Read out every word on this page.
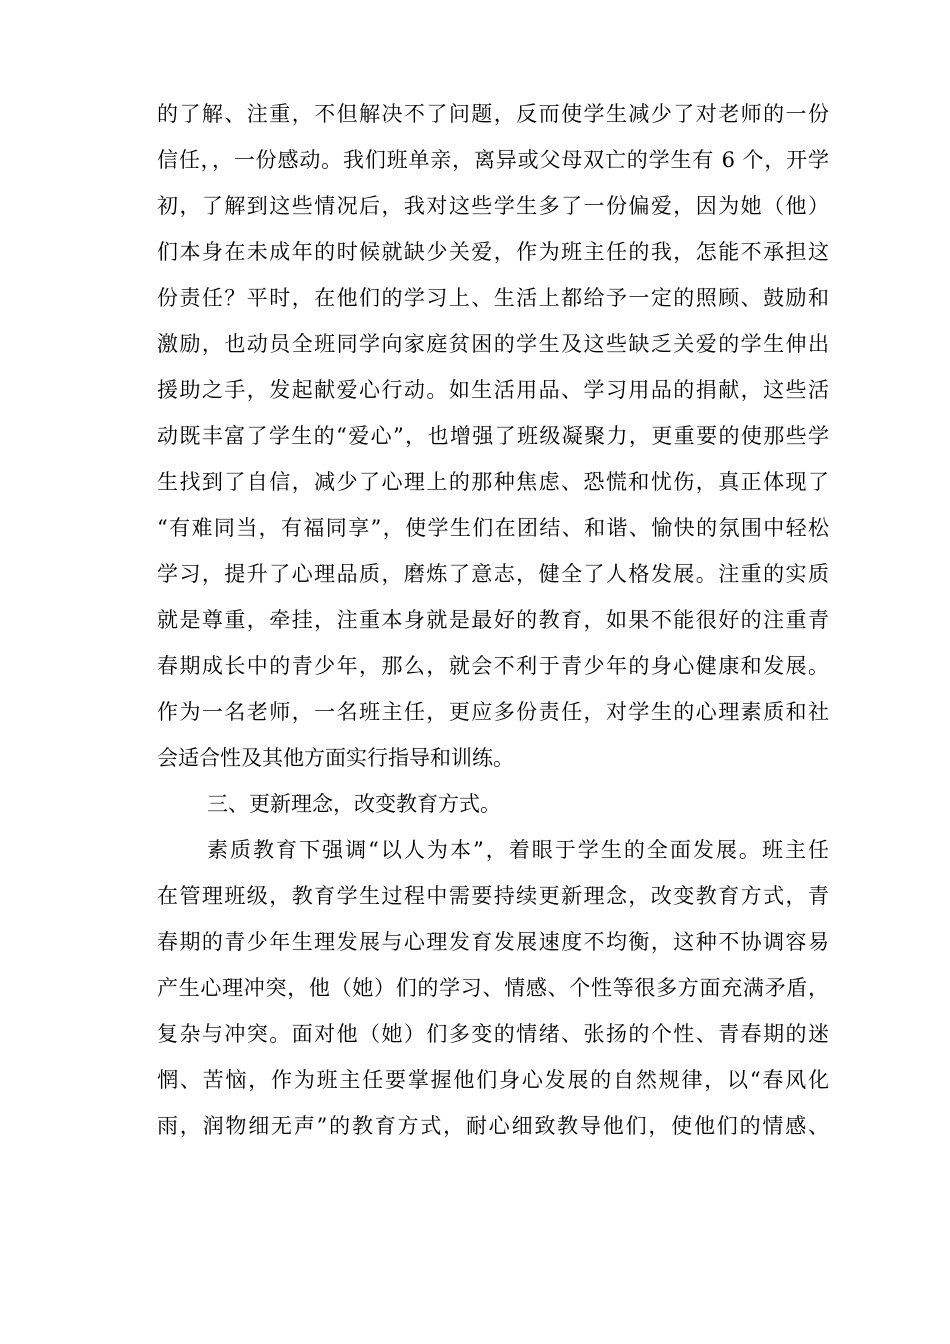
的了解、注重，不但解决不了问题，反而使学生减少了对老师的一份
信任，，一份感动。我们班单亲，离异或父母双亡的学生有 6 个，开学
初，了解到这些情况后，我对这些学生多了一份偏爱，因为她（他）
们本身在未成年的时候就缺少关爱，作为班主任的我，怎能不承担这
份责任？平时，在他们的学习上、生活上都给予一定的照顾、鼓励和
激励，也动员全班同学向家庭贫困的学生及这些缺乏关爱的学生伸出
援助之手，发起献爱心行动。如生活用品、学习用品的捐献，这些活
动既丰富了学生的“爱心”，也增强了班级凝聚力，更重要的使那些学
生找到了自信，减少了心理上的那种焦虑、恐慌和忧伤，真正体现了
“有难同当，有福同享”，使学生们在团结、和谐、愉快的氛围中轻松
学习，提升了心理品质，磨炼了意志，健全了人格发展。注重的实质
就是尊重，牵挂，注重本身就是最好的教育，如果不能很好的注重青
春期成长中的青少年，那么，就会不利于青少年的身心健康和发展。
作为一名老师，一名班主任，更应多份责任，对学生的心理素质和社
会适合性及其他方面实行指导和训练。
三、更新理念，改变教育方式。
素质教育下强调“以人为本”，着眼于学生的全面发展。班主任
在管理班级，教育学生过程中需要持续更新理念，改变教育方式，青
春期的青少年生理发展与心理发育发展速度不均衡，这种不协调容易
产生心理冲突，他（她）们的学习、情感、个性等很多方面充满矛盾，
复杂与冲突。面对他（她）们多变的情绪、张扬的个性、青春期的迷
惘、苦恼，作为班主任要掌握他们身心发展的自然规律，以“春风化
雨，润物细无声”的教育方式，耐心细致教导他们，使他们的情感、
